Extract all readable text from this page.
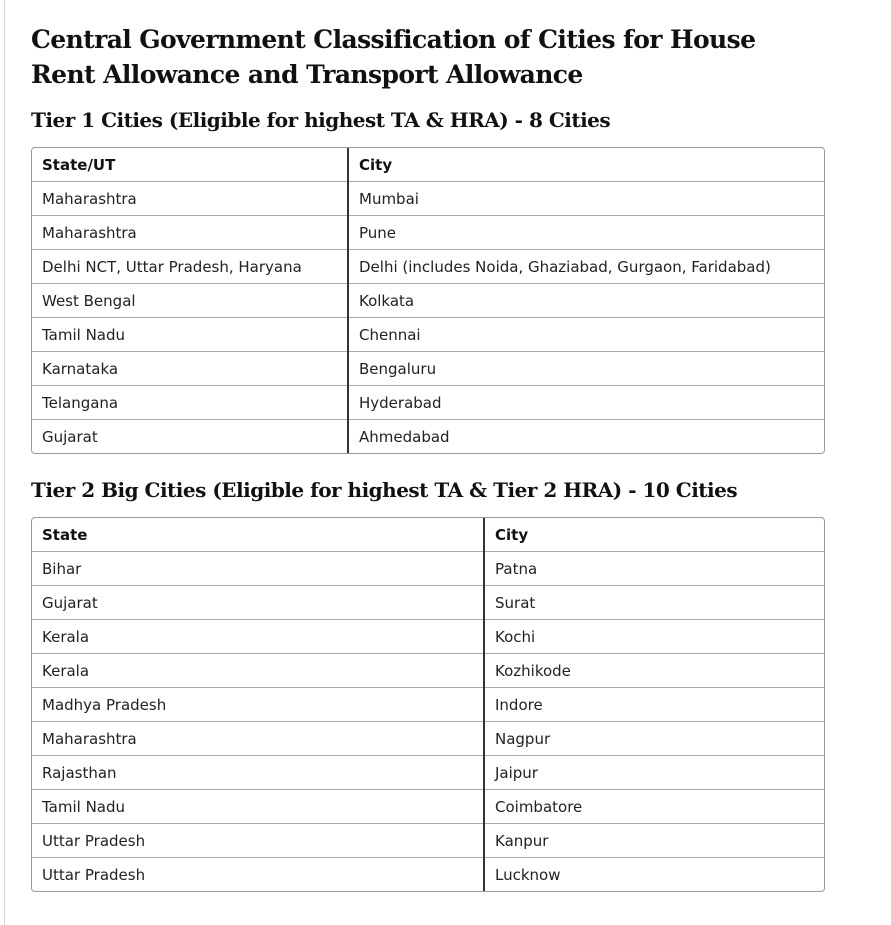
Central Government Classification of Cities for House Rent Allowance and Transport Allowance
Tier 1 Cities (Eligible for highest TA & HRA) - 8 Cities
State/UT	City
Maharashtra	Mumbai
Maharashtra	Pune
Delhi NCT, Uttar Pradesh, Haryana	Delhi (includes Noida, Ghaziabad, Gurgaon, Faridabad)
West Bengal	Kolkata
Tamil Nadu	Chennai
Karnataka	Bengaluru
Telangana	Hyderabad
Gujarat	Ahmedabad
Tier 2 Big Cities (Eligible for highest TA & Tier 2 HRA) - 10 Cities
State	City
Bihar	Patna
Gujarat	Surat
Kerala	Kochi
Kerala	Kozhikode
Madhya Pradesh	Indore
Maharashtra	Nagpur
Rajasthan	Jaipur
Tamil Nadu	Coimbatore
Uttar Pradesh	Kanpur
Uttar Pradesh	Lucknow
